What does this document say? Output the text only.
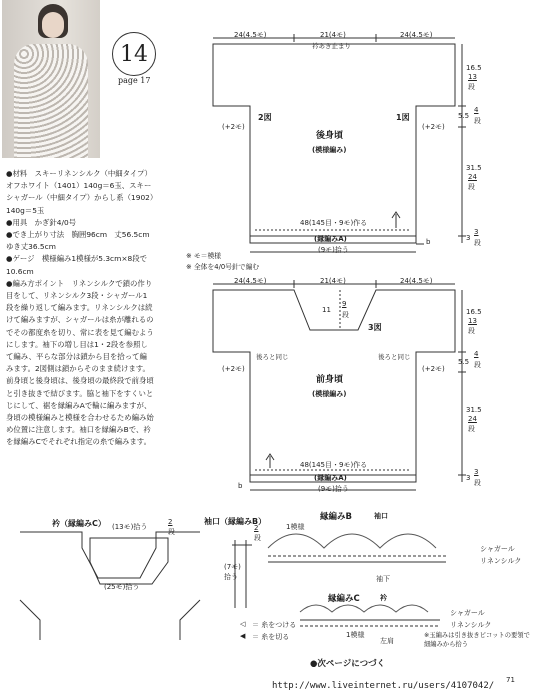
14
page 17

●材料　スキーリネンシルク（中細タイプ）オフホワイト（1401）140g＝6玉、スキーシャガール（中細タイプ）からし系（1902）140g＝5玉

●用具　かぎ針4/0号

●でき上がり寸法　胸囲96cm　丈56.5cm　ゆき丈36.5cm

●ゲージ　模様編み1模様が5.3cm×8段で10.6cm

●編み方ポイント　リネンシルクで鎖の作り目をして、リネンシルク3段・シャガール1段を繰り返して編みます。リネンシルクは続けて編みますが、シャガールは糸が離れるのでその都度糸を切り、常に表を見て編むようにします。袖下の増し目は1・2段を参照して編み、平らな部分は鎖から目を拾って編みます。2図側は鎖からそのまま続けます。前身頃と後身頃は、後身頃の最終段で前身頃と引き抜きで結びます。脇と袖下をすくいとじにして、裾を縁編みAで輪に編みますが、身頃の模様編みと模様を合わせるため編み始め位置に注意します。袖口を縁編みBで、衿を縁編みCでそれぞれ指定の糸で編みます。

24(4.5モ)	21(4モ)	24(4.5モ)
衿あき止まり
2図	1図
(+2モ)	(+2モ)
後身頃
(模様編み)
48(145目・9モ)作る
(縁編みA)
(9モ)拾う
b
16.5
13
段
5.5
4
段
31.5
24
段
3
3
段
※ モ＝模様
※ 全体を4/0号針で編む
24(4.5モ)	21(4モ)	24(4.5モ)
11
9
段
3図
後ろと同じ	後ろと同じ
(+2モ)	(+2モ)
前身頃
(模様編み)
48(145目・9モ)作る
(縁編みA)
(9モ)拾う
b
16.5
13
段
5.5
4
段
31.5
24
段
3
3
段
衿（縁編みC） (13モ)拾う
2
段
(25モ)拾う
袖口（縁編みB）
2
段
(7モ)
拾う
縁編みB	袖口
1模様
シャガール
リネンシルク
袖下
縁編みC	衿
シャガール
リネンシルク
1模様
左肩
※玉編みは引き抜きピコットの要領で細編みから拾う
◁ ＝ 糸をつける
◀ ＝ 糸を切る
●次ページにつづく
71
http://www.liveinternet.ru/users/4107042/
